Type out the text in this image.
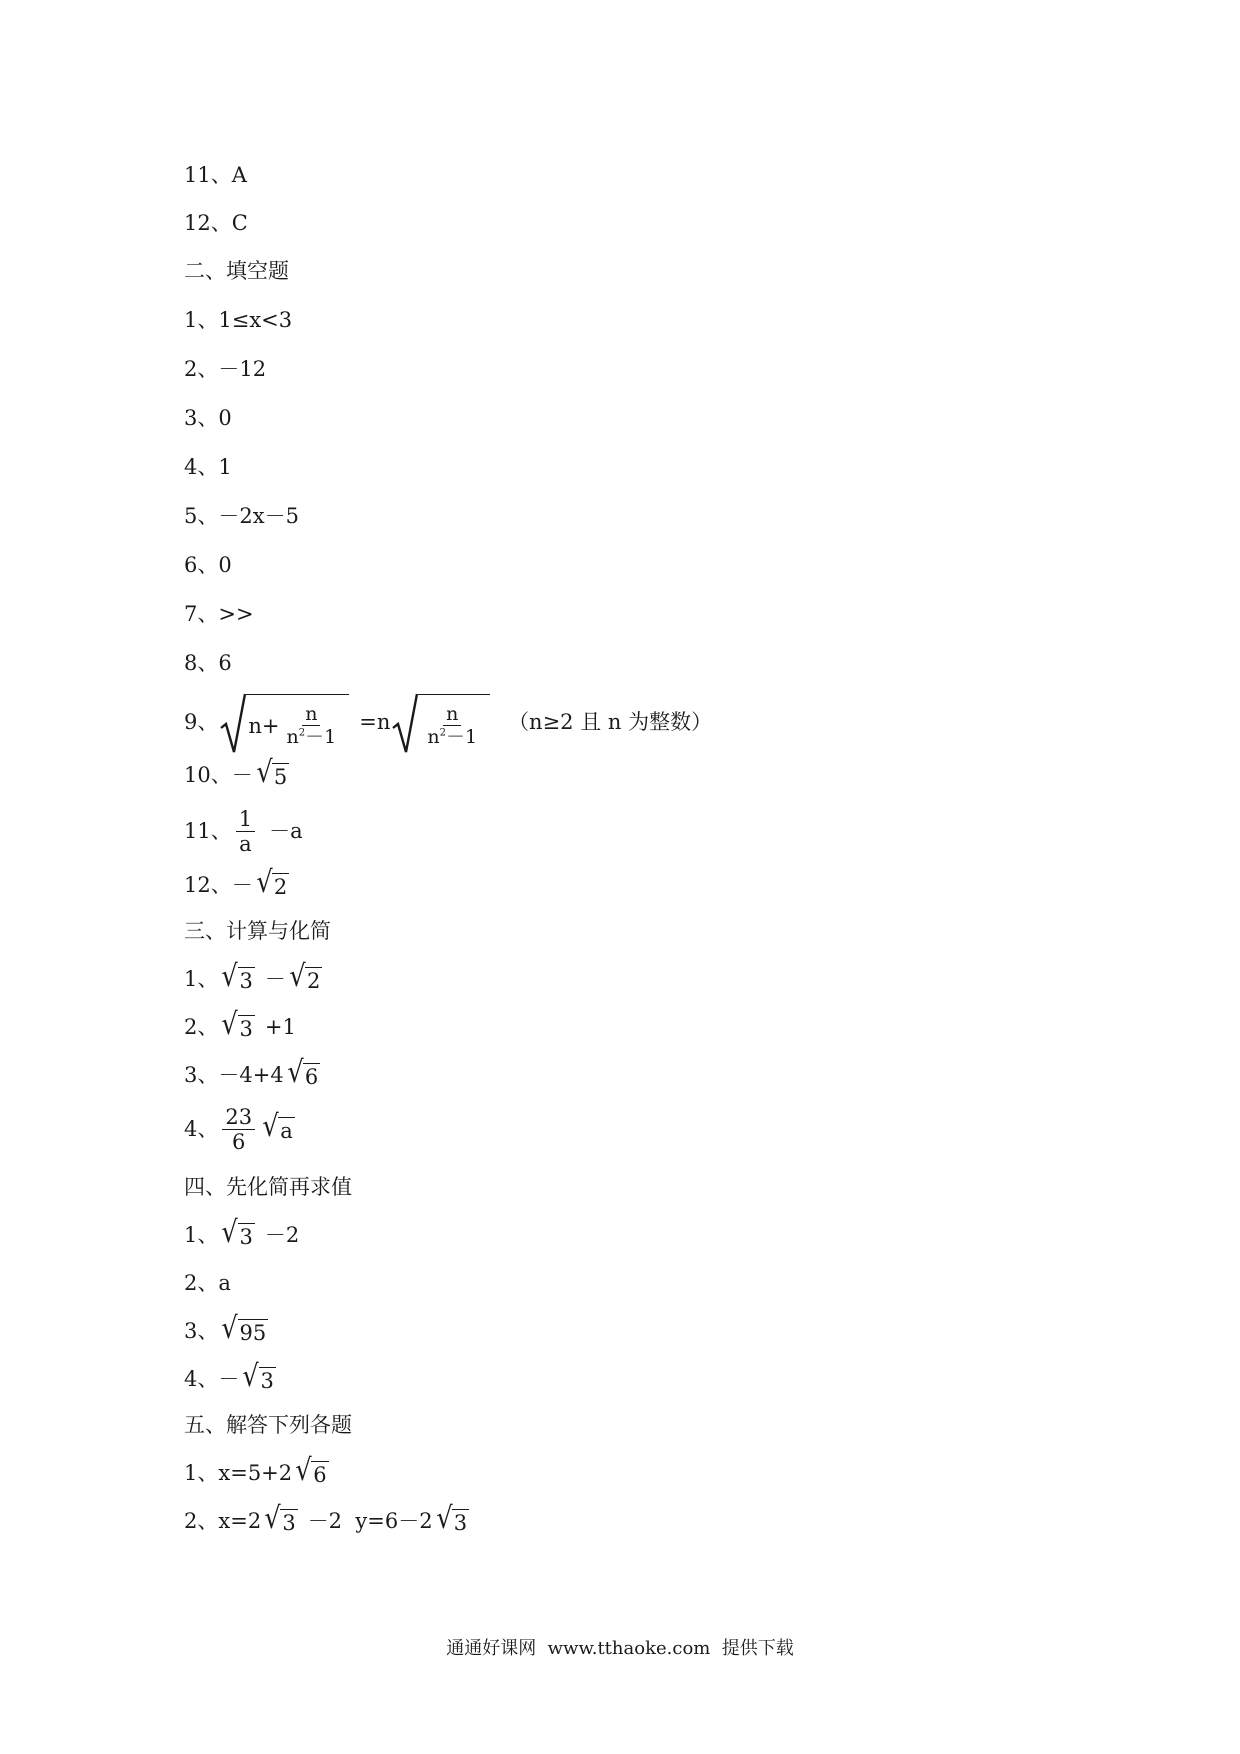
11、 A
12、 C
二、填空题
1、 1≤x<3
2、 －12
3、 0
4、 1
5、 －2x－5
6、 0
7、 >>
8、 6
9、 $n+ \frac{n}{n^2-1} =n \frac{n}{n^2-1} (n\ge 2$ 且 n 为整数）
10、 － √ 5
11、 $\frac{1}{a} -a$
12、 － √ 2
三、计算与化简
1、 √ 3 － √ 2
2、 √ 3 +1
3、 －4+4 √ 6
4、 $\frac{23}{6}$ √ a
四、先化简再求值
1、 √ 3 －2
2、 a
3、 √ 95
4、 － √ 3
五、解答下列各题
1、 x=5+2 √ 6
2、 x=2 √ 3 －2  y=6－2 √ 3
通通好课网  www.tthaoke.com  提供下载
